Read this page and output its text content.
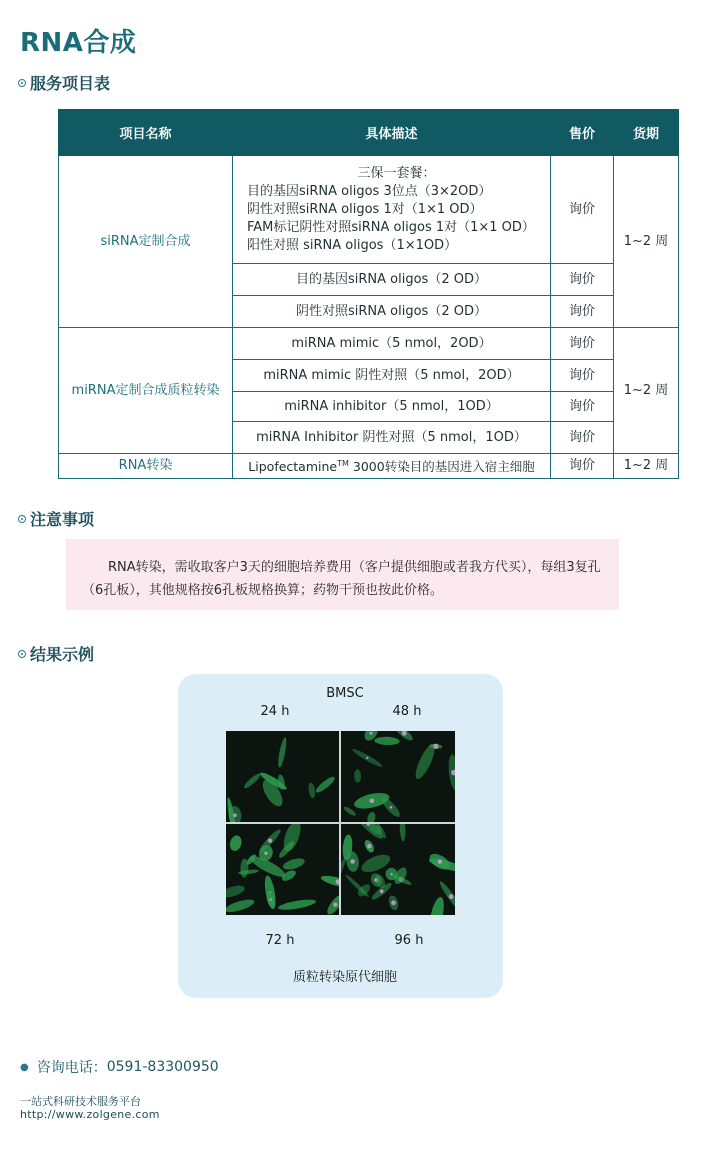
RNA合成
服务项目表
项目名称	具体描述	售价	货期
siRNA定制合成	三保一套餐：
目的基因siRNA oligos 3位点（3×2OD）
阴性对照siRNA oligos 1对（1×1 OD）
FAM标记阴性对照siRNA oligos 1对（1×1 OD）
阳性对照 siRNA oligos（1×1OD）	询价	1~2 周
	目的基因siRNA oligos（2 OD）	询价	
	阴性对照siRNA oligos（2 OD）	询价	
miRNA定制合成质粒转染	miRNA mimic（5 nmol，2OD）	询价	1~2 周
	miRNA mimic 阴性对照（5 nmol，2OD）	询价	
	miRNA inhibitor（5 nmol，1OD）	询价	
	miRNA Inhibitor 阴性对照（5 nmol，1OD）	询价	
RNA转染	Lipofectamine™ 3000转染目的基因进入宿主细胞	询价	1~2 周
注意事项
RNA转染，需收取客户3天的细胞培养费用（客户提供细胞或者我方代买），每组3复孔（6孔板），其他规格按6孔板规格换算；药物干预也按此价格。
结果示例
BMSC
24 h	48 h
72 h	96 h
质粒转染原代细胞
● 咨询电话： 0591-83300950
一站式科研技术服务平台
http://www.zolgene.com
